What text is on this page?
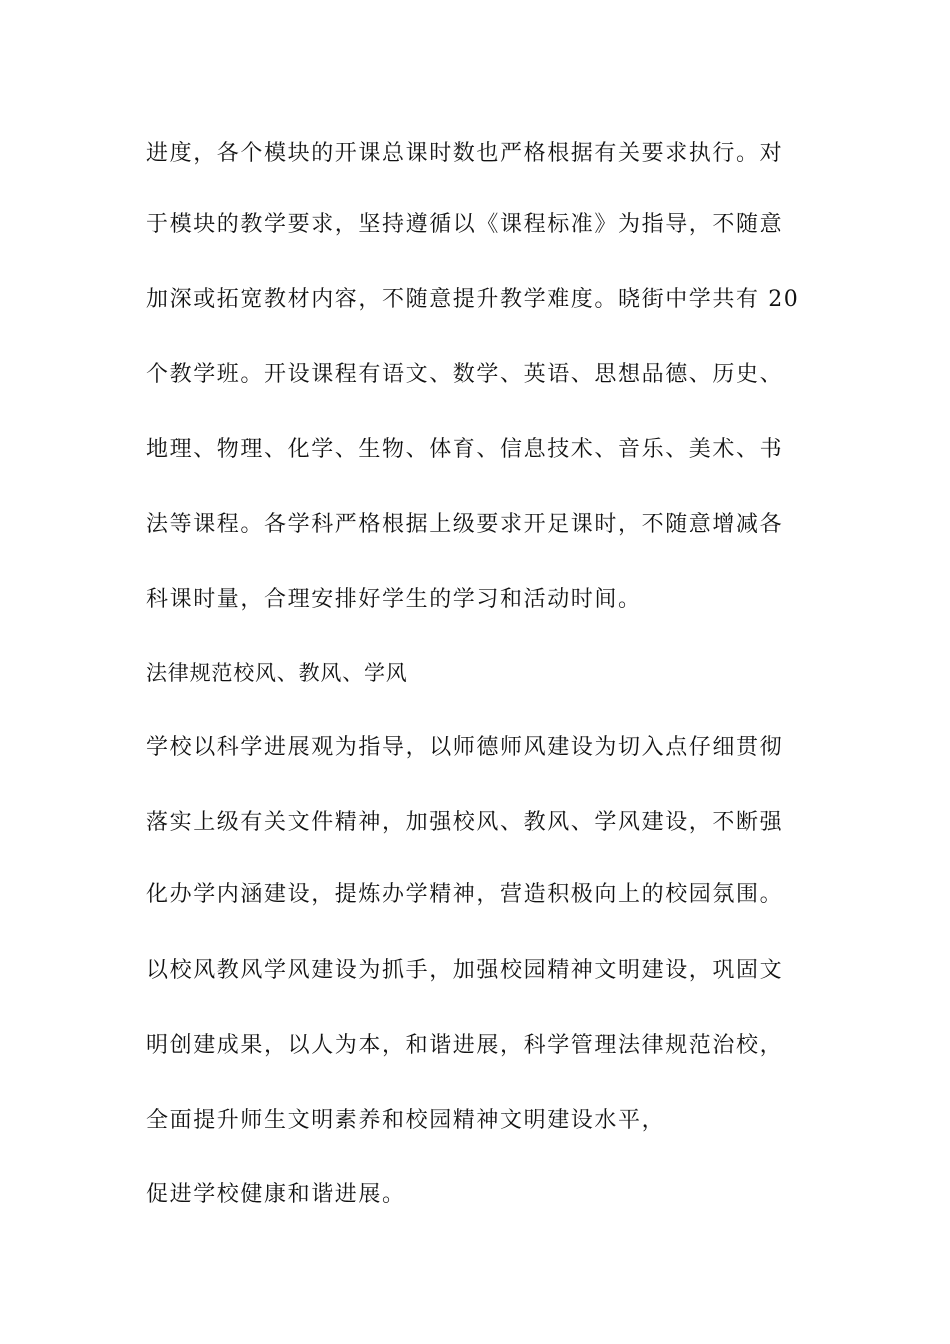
进度，各个模块的开课总课时数也严格根据有关要求执行。对
于模块的教学要求，坚持遵循以《课程标准》为指导，不随意
加深或拓宽教材内容，不随意提升教学难度。晓街中学共有 20
个教学班。开设课程有语文、数学、英语、思想品德、历史、
地理、物理、化学、生物、体育、信息技术、音乐、美术、书
法等课程。各学科严格根据上级要求开足课时，不随意增减各
科课时量，合理安排好学生的学习和活动时间。
法律规范校风、教风、学风
学校以科学进展观为指导，以师德师风建设为切入点仔细贯彻
落实上级有关文件精神，加强校风、教风、学风建设，不断强
化办学内涵建设，提炼办学精神，营造积极向上的校园氛围。
以校风教风学风建设为抓手，加强校园精神文明建设，巩固文
明创建成果，以人为本，和谐进展，科学管理法律规范治校，
全面提升师生文明素养和校园精神文明建设水平，
促进学校健康和谐进展。
